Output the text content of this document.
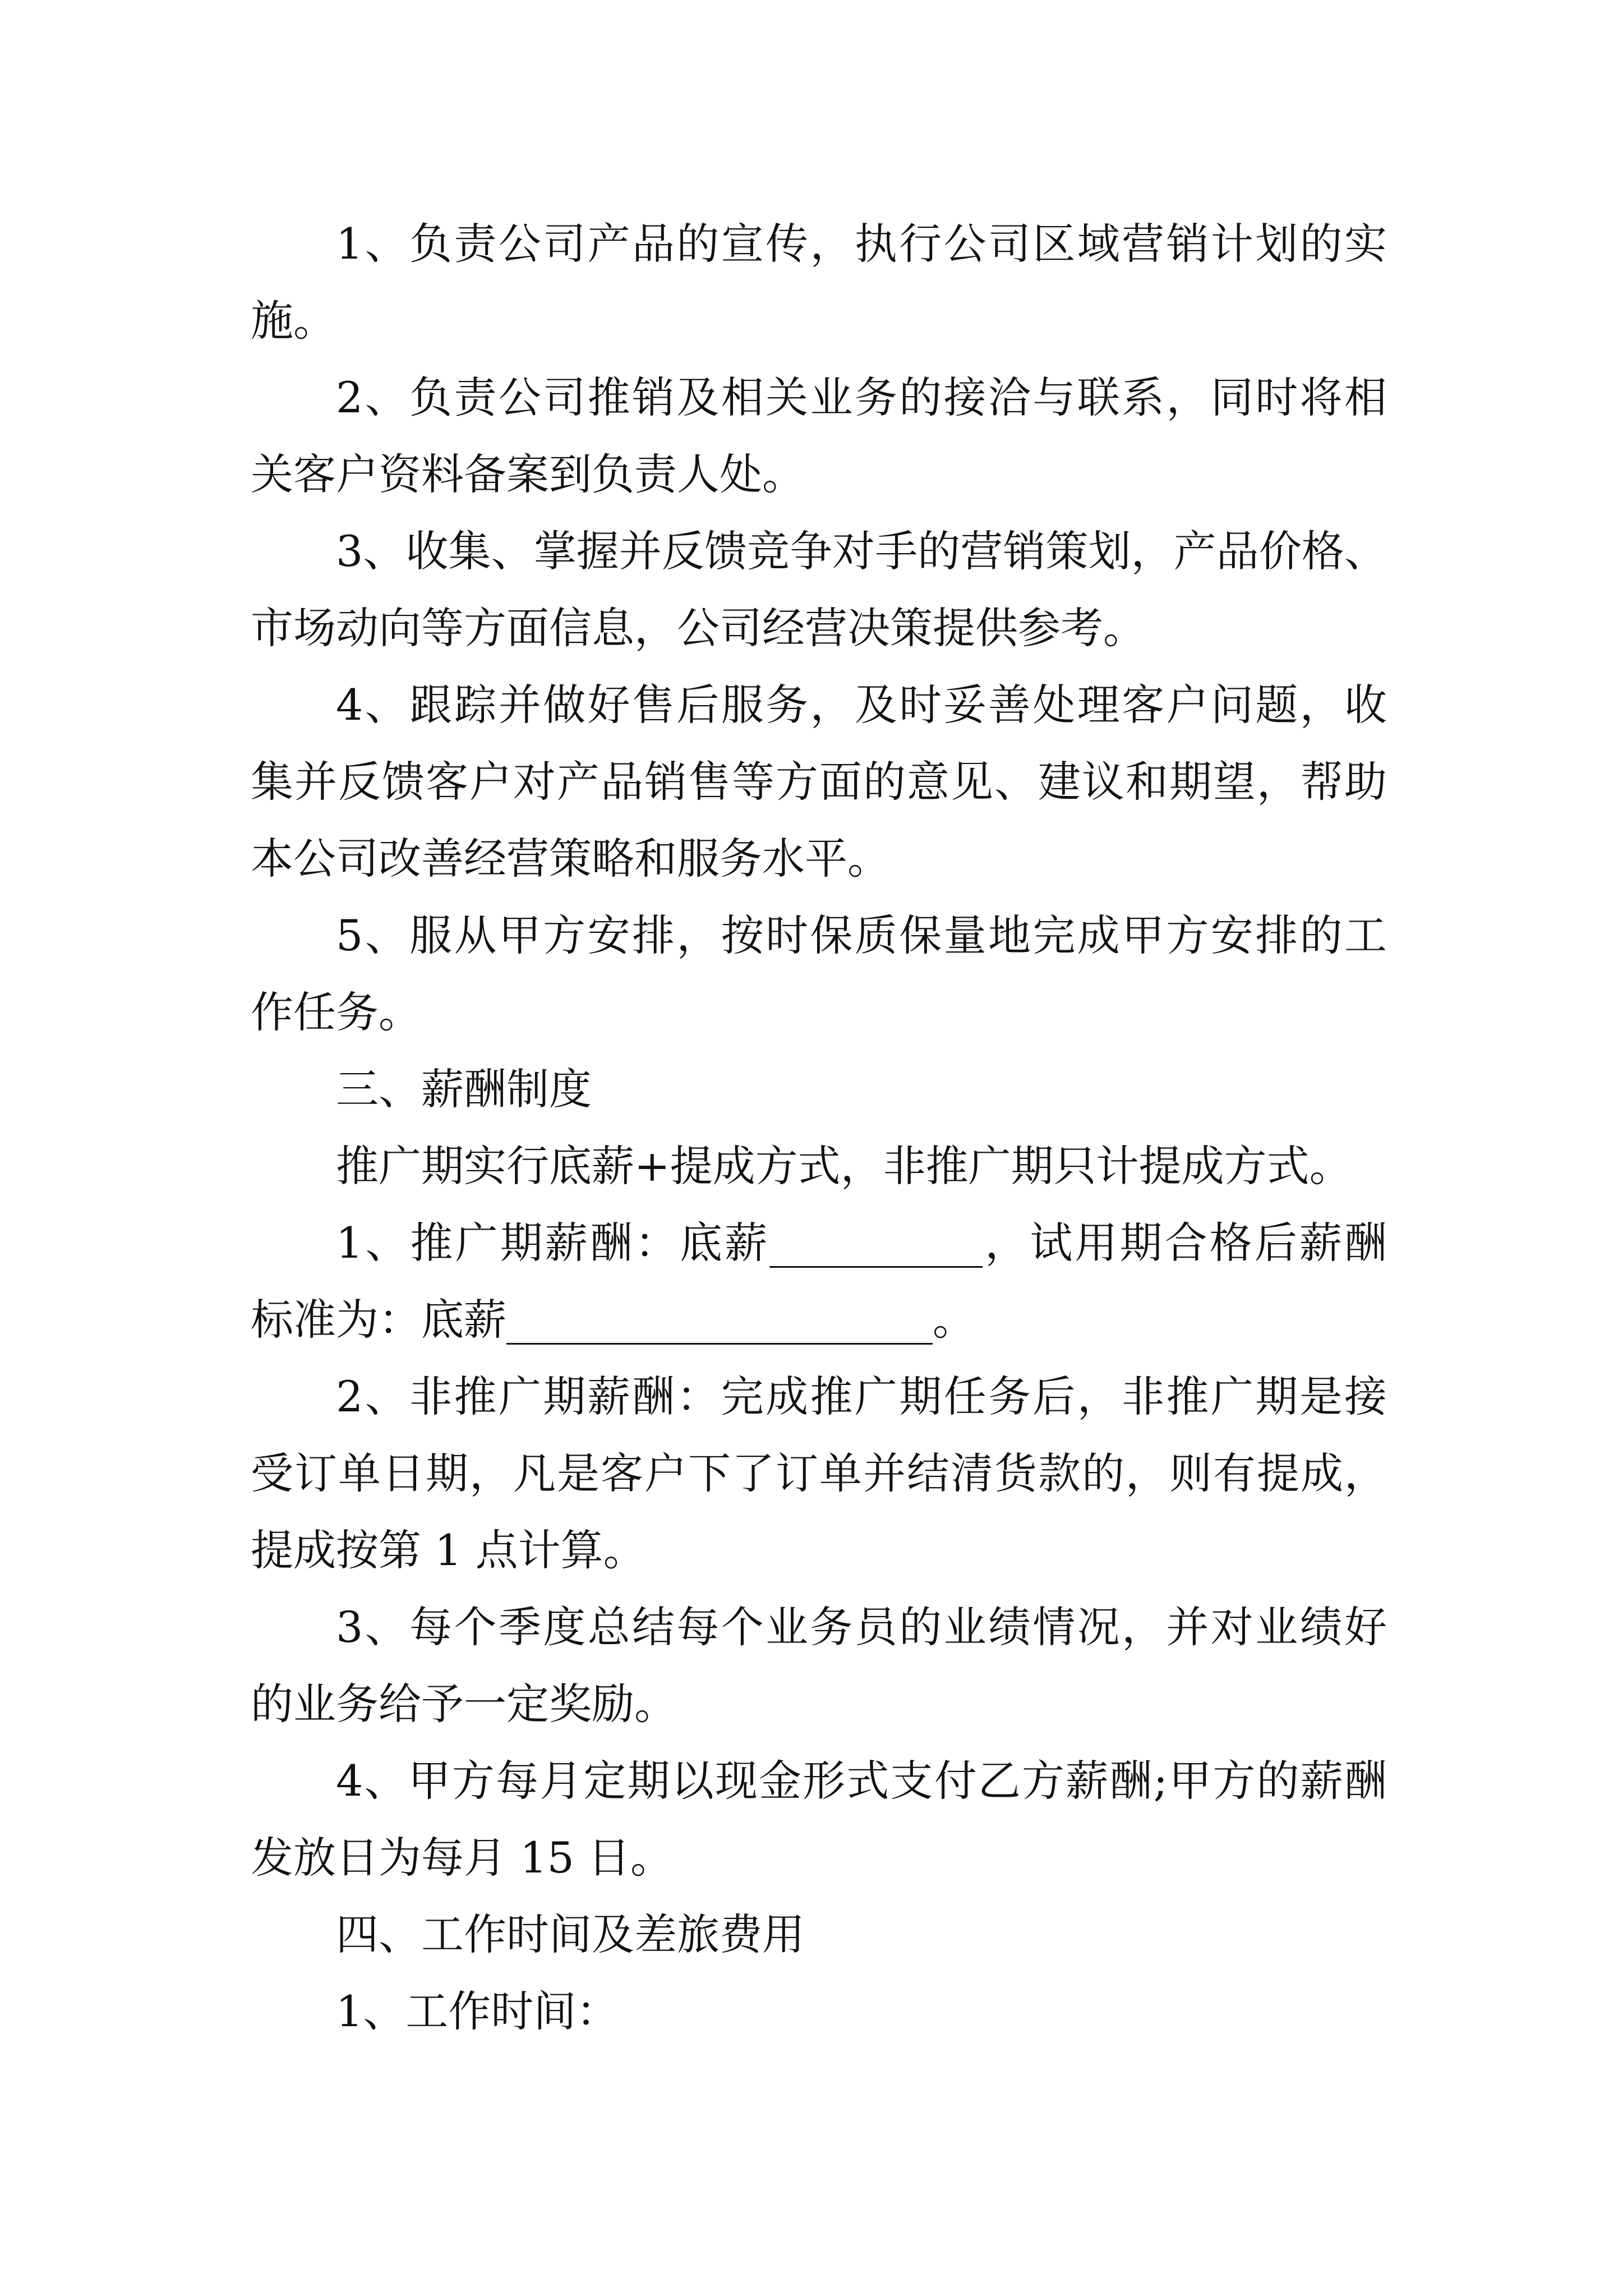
1、负责公司产品的宣传，执行公司区域营销计划的实
施。
2、负责公司推销及相关业务的接洽与联系，同时将相
关客户资料备案到负责人处。
3、收集、掌握并反馈竞争对手的营销策划，产品价格、
市场动向等方面信息，公司经营决策提供参考。
4、跟踪并做好售后服务，及时妥善处理客户问题，收
集并反馈客户对产品销售等方面的意见、建议和期望，帮助
本公司改善经营策略和服务水平。
5、服从甲方安排，按时保质保量地完成甲方安排的工
作任务。
三、薪酬制度
推广期实行底薪+提成方式，非推广期只计提成方式。
1、推广期薪酬：底薪__________，试用期合格后薪酬
标准为：底薪____________________。
2、非推广期薪酬：完成推广期任务后，非推广期是接
受订单日期，凡是客户下了订单并结清货款的，则有提成，
提成按第 1 点计算。
3、每个季度总结每个业务员的业绩情况，并对业绩好
的业务给予一定奖励。
4、甲方每月定期以现金形式支付乙方薪酬;甲方的薪酬
发放日为每月 15 日。
四、工作时间及差旅费用
1、工作时间：
